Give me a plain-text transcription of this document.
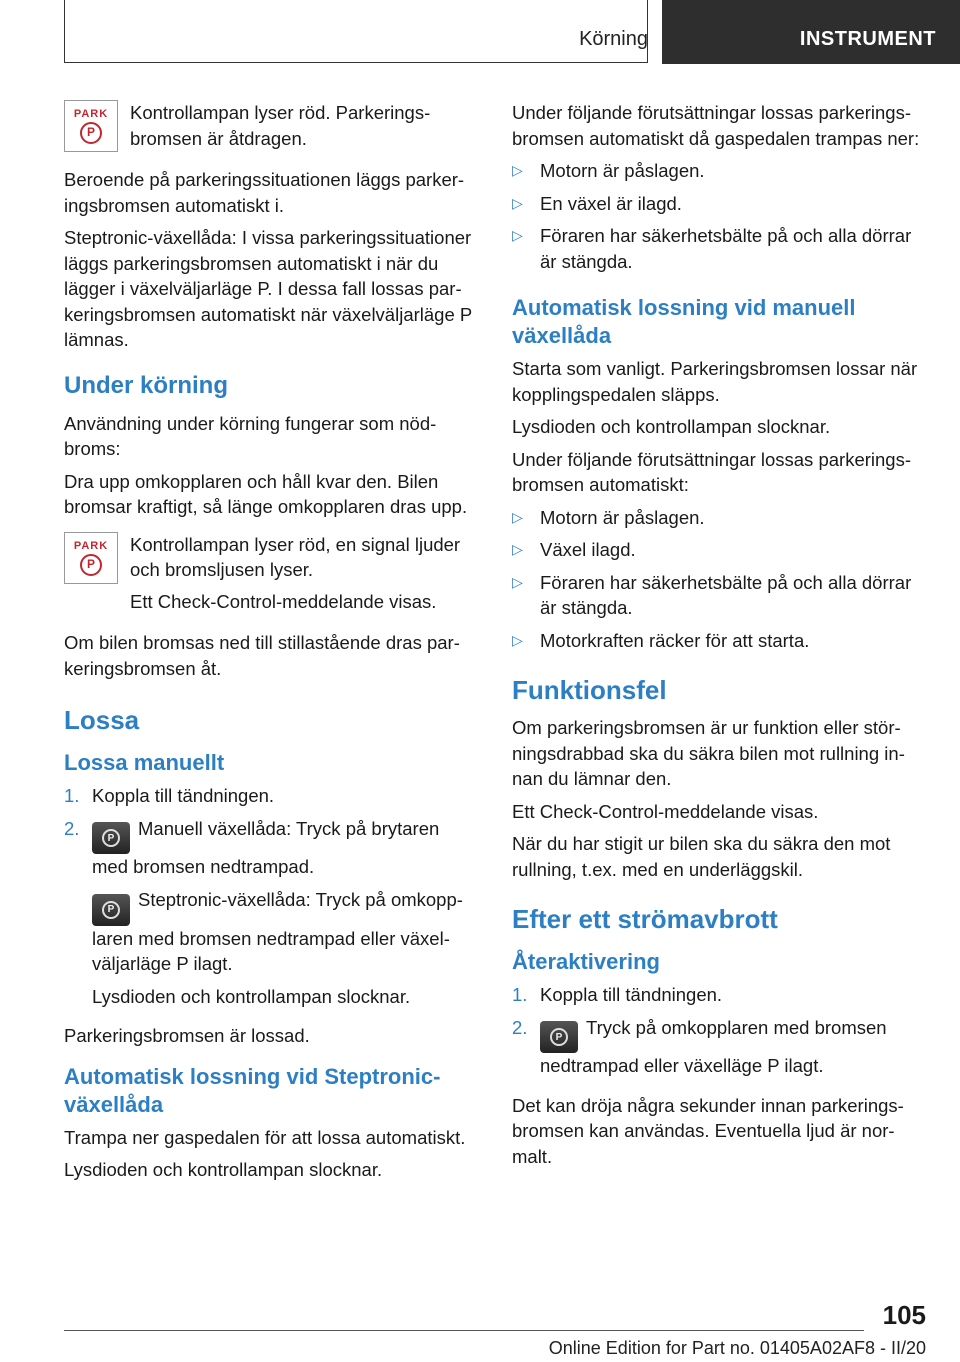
Körning	INSTRUMENT
PARK
P

Kontrollampan lyser röd. Parkeringsbromsen är åtdragen.

Beroende på parkeringssituationen läggs parkeringsbromsen automatiskt i.

Steptronic-växellåda: I vissa parkeringssituationer läggs parkeringsbromsen automatiskt i när du lägger i växelväljarläge P. I dessa fall lossas parkeringsbromsen automatiskt när växelväljarläge P lämnas.

Under körning

Användning under körning fungerar som nödbroms:

Dra upp omkopplaren och håll kvar den. Bilen bromsar kraftigt, så länge omkopplaren dras upp.

PARK
P

Kontrollampan lyser röd, en signal ljuder och bromsljusen lyser.

Ett Check-Control-meddelande visas.

Om bilen bromsas ned till stillastående dras parkeringsbromsen åt.

Lossa
Lossa manuellt
1. Koppla till tändningen.
2.	P	Manuell växellåda: Tryck på brytaren med bromsen nedtrampad.

P	Steptronic-växellåda: Tryck på omkopplaren med bromsen nedtrampad eller växelväljarläge P ilagt.

Lysdioden och kontrollampan slocknar.

Parkeringsbromsen är lossad.

Automatisk lossning vid Steptronic-växellåda

Trampa ner gaspedalen för att lossa automatiskt.

Lysdioden och kontrollampan slocknar.

Under följande förutsättningar lossas parkeringsbromsen automatiskt då gaspedalen trampas ner:

▷ Motorn är påslagen.
▷ En växel är ilagd.
▷ Föraren har säkerhetsbälte på och alla dörrar är stängda.
Automatisk lossning vid manuell växellåda

Starta som vanligt. Parkeringsbromsen lossar när kopplingspedalen släpps.

Lysdioden och kontrollampan slocknar.

Under följande förutsättningar lossas parkeringsbromsen automatiskt:

▷ Motorn är påslagen.
▷ Växel ilagd.
▷ Föraren har säkerhetsbälte på och alla dörrar är stängda.
▷ Motorkraften räcker för att starta.
Funktionsfel

Om parkeringsbromsen är ur funktion eller störningsdrabbad ska du säkra bilen mot rullning innan du lämnar den.

Ett Check-Control-meddelande visas.

När du har stigit ur bilen ska du säkra den mot rullning, t.ex. med en underläggskil.

Efter ett strömavbrott
Återaktivering
1. Koppla till tändningen.
2.	P	Tryck på omkopplaren med bromsen nedtrampad eller växelläge P ilagt.

Det kan dröja några sekunder innan parkeringsbromsen kan användas. Eventuella ljud är normalt.

105
Online Edition for Part no. 01405A02AF8 - II/20
